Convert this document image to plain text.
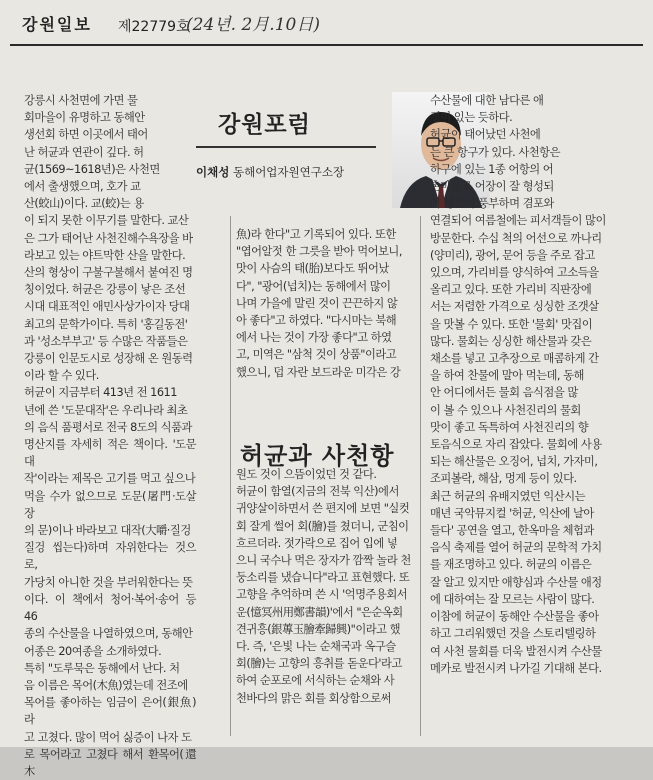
강원일보 제22779호
(24년. 2月.10日)
강릉시 사천면에 가면 물
회마을이 유명하고 동해안
생선회 하면 이곳에서 태어
난 허균과 연관이 깊다. 허
균(1569~1618년)은 사천면
에서 출생했으며, 호가 교
산(蛟山)이다. 교(蛟)는 용
이 되지 못한 이무기를 말한다. 교산
은 그가 태어난 사천진해수욕장을 바
라보고 있는 야트막한 산을 말한다.
산의 형상이 구불구불해서 붙여진 명
칭이었다. 허균은 강릉이 낳은 조선
시대 대표적인 애민사상가이자 당대
최고의 문학가이다. 특히 '홍길동전'
과 '성소부부고' 등 수많은 작품들은
강릉이 인문도시로 성장해 온 원동력
이라 할 수 있다.
허균이 지금부터 413년 전 1611
년에 쓴 '도문대작'은 우리나라 최초
의 음식 품평서로 전국 8도의 식품과
명산지를 자세히 적은 책이다. '도문대
작'이라는 제목은 고기를 먹고 싶으나
먹을 수가 없으므로 도문(屠門·도살장
의 문)이나 바라보고 대작(大嚼·질겅
질겅 씹는다)하며 자위한다는 것으로,
가당치 아니한 것을 부러워한다는 뜻
이다. 이 책에서 청어·복어·송어 등 46
종의 수산물을 나열하였으며, 동해안
어종은 20여종을 소개하였다.
특히 "도루묵은 동해에서 난다. 처
음 이름은 목어(木魚)였는데 전조에
목어를 좋아하는 임금이 은어(銀魚)라
고 고쳤다. 많이 먹어 싫증이 나자 도
로 목어라고 고쳤다 해서 환목어(還木
강원포럼
이채성 동해어업자원연구소장
魚)라 한다"고 기록되어 있다. 또한
"엽어알젓 한 그릇을 받아 먹어보니,
맛이 사슴의 태(胎)보다도 뛰어났
다", "광어(넙치)는 동해에서 많이
나며 가을에 말린 것이 끈끈하지 않
아 좋다"고 하였다. "다시마는 북해
에서 나는 것이 가장 좋다"고 하였
고, 미역은 "삼척 것이 상품"이라고
했으니, 덥 자란 보드라운 미각은 강
허균과 사천항
원도 것이 으뜸이었던 것 같다.
허균이 함열(지금의 전북 익산)에서
귀양살이하면서 쓴 편지에 보면 "실컷
회 잘게 썰어 회(膾)를 쳤더니, 군침이
흐르더라. 젓가락으로 집어 입에 넣
으니 국수나 먹은 장자가 깜짝 놀라 천
둥소리를 냈습니다"라고 표현했다. 또
고향을 추억하며 쓴 시 '억명주용회서
운(憶冥州用鄭書韻)'에서 "은순옥회
견귀흥(銀蓴玉膾牽歸興)"이라고 했
다. 즉, '은빛 나는 순채국과 옥구슬
회(膾)는 고향의 흥취를 돋운다'라고
하여 순포로에 서식하는 순채와 사
천바다의 맑은 회를 회상함으로써
수산물에 대한 남다른 애
정이 있는 듯하다.
허균이 태어났던 사천에
는 큰 항구가 있다. 사천항은
하구에 있는 1종 어항의 어
촌마을로 어장이 잘 형성되
어 생선이 풍부하며 겸포와
연결되어 여름철에는 피서객들이 많이
방문한다. 수십 척의 어선으로 까나리
(양미리), 광어, 문어 등을 주로 잡고
있으며, 가리비를 양식하여 고소득을
올리고 있다. 또한 가리비 직판장에
서는 저렴한 가격으로 싱싱한 조갯살
을 맛볼 수 있다. 또한 '물회' 맛집이
많다. 물회는 싱싱한 해산물과 갖은
채소를 넣고 고추장으로 매콤하게 간
을 하여 찬물에 말아 먹는데, 동해
안 어디에서든 물회 음식점을 많
이 볼 수 있으나 사천진리의 물회
맛이 좋고 독특하여 사천진리의 향
토음식으로 자리 잡았다. 물회에 사용
되는 해산물은 오징어, 넙치, 가자미,
조피볼락, 해삼, 멍게 등이 있다.
최근 허균의 유배지였던 익산시는
매년 국악뮤지컬 '허균, 익산에 날아
들다' 공연을 열고, 한옥마을 체험과
음식 축제를 열어 허균의 문학적 가치
를 재조명하고 있다. 허균의 이름은
잘 알고 있지만 애향심과 수산물 애정
에 대하여는 잘 모르는 사람이 많다.
이참에 허균이 동해안 수산물을 좋아
하고 그리워했던 것을 스토리텔링하
여 사천 물회를 더욱 발전시켜 수산물
메카로 발전시켜 나가길 기대해 본다.
